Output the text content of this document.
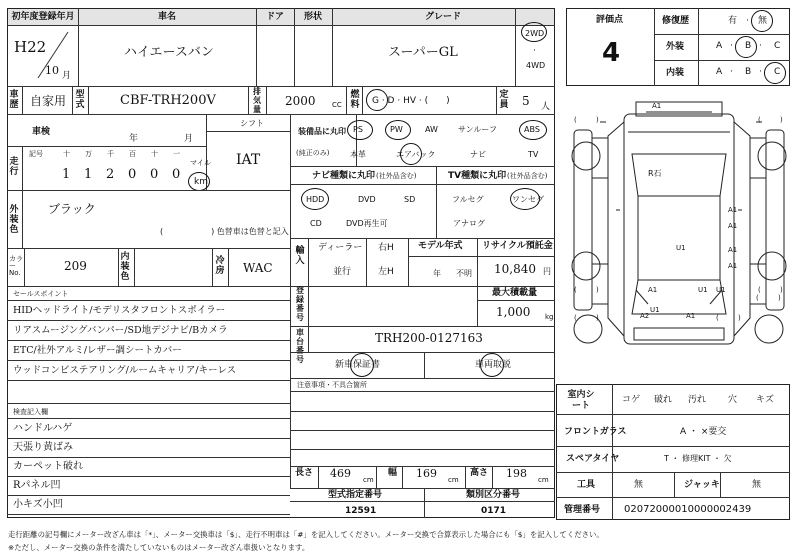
初年度登録年月	車名	ドア	形状	グレード
H22
10 月
ハイエースバン	スーパーGL
2WD
·
4WD
車歴 自家用 型式	CBF-TRH200V
排気量
2000 CC
燃料 G · D · HV · (　　)
定員 5 人
車検
年	月
シフト
IAT
走行
記号	十 万 千 百 十 一
1 1 2 0 0 0
マイル
km
外装色
ブラック
(　　　　　　) 色替車は色替と記入
カラーNo.	209
内装色
冷房 WAC
セールスポイント
HIDヘッドライト/モデリスタフロントスポイラー
リアスムージングバンパー/SD地デジナビ/Bカメラ
ETC/社外アルミ/レザー調シートカバー
ウッドコンビステアリング/ルームキャリア/キーレス
検査記入欄
ハンドルハゲ
天張り黄ばみ
カーペット破れ
Rパネル凹
小キズ小凹
装備品に丸印
(純正のみ)
PS	PW	AW	サンルーフ	ABS
本革	エアバック	ナビ	TV
ナビ種類に丸印 (社外品含む)	TV種類に丸印 (社外品含む)
HDD	DVD	SD
CD	DVD再生可
フルセグ	ワンセグ
アナログ
輸入
ディーラー
並行
右H
左H
モデル年式
年 不明
リサイクル預託金
10,840 円
登録番号
最大積載量
1,000 kg
車台番号
TRH200-0127163
新車保証書	車両取説
注意事項・不具合箇所
長さ 469 cm
幅 169 cm
高さ 198 cm
型式指定番号
12591
類別区分番号
0171
評価点
4
修復歴	有 · 無
外装
内装
A · B · C
A · B · C
(	)	(	)
(	)	(	)
(	)	(	)
(	)
A1
A1
A1
A1
A1
U1
U1
A2
A1
A1
U1
U1
R石
室内シート
コゲ 破れ 汚れ 穴 キズ
フロントガラス	A ・ ×要交
スペアタイヤ	T ・ 修理KIT ・ 欠
工具	無	ジャッキ	無
管理番号 020720000100000024​39
走行距離の記号欄にメーター改ざん車は「*」、メーター交換車は「$」、走行不明車は「#」を記入してください。メーター交換で合算表示した場合にも「$」を記入してください。
※ただし、メーター交換の条件を満たしていないものはメーター改ざん車扱いとなります。
